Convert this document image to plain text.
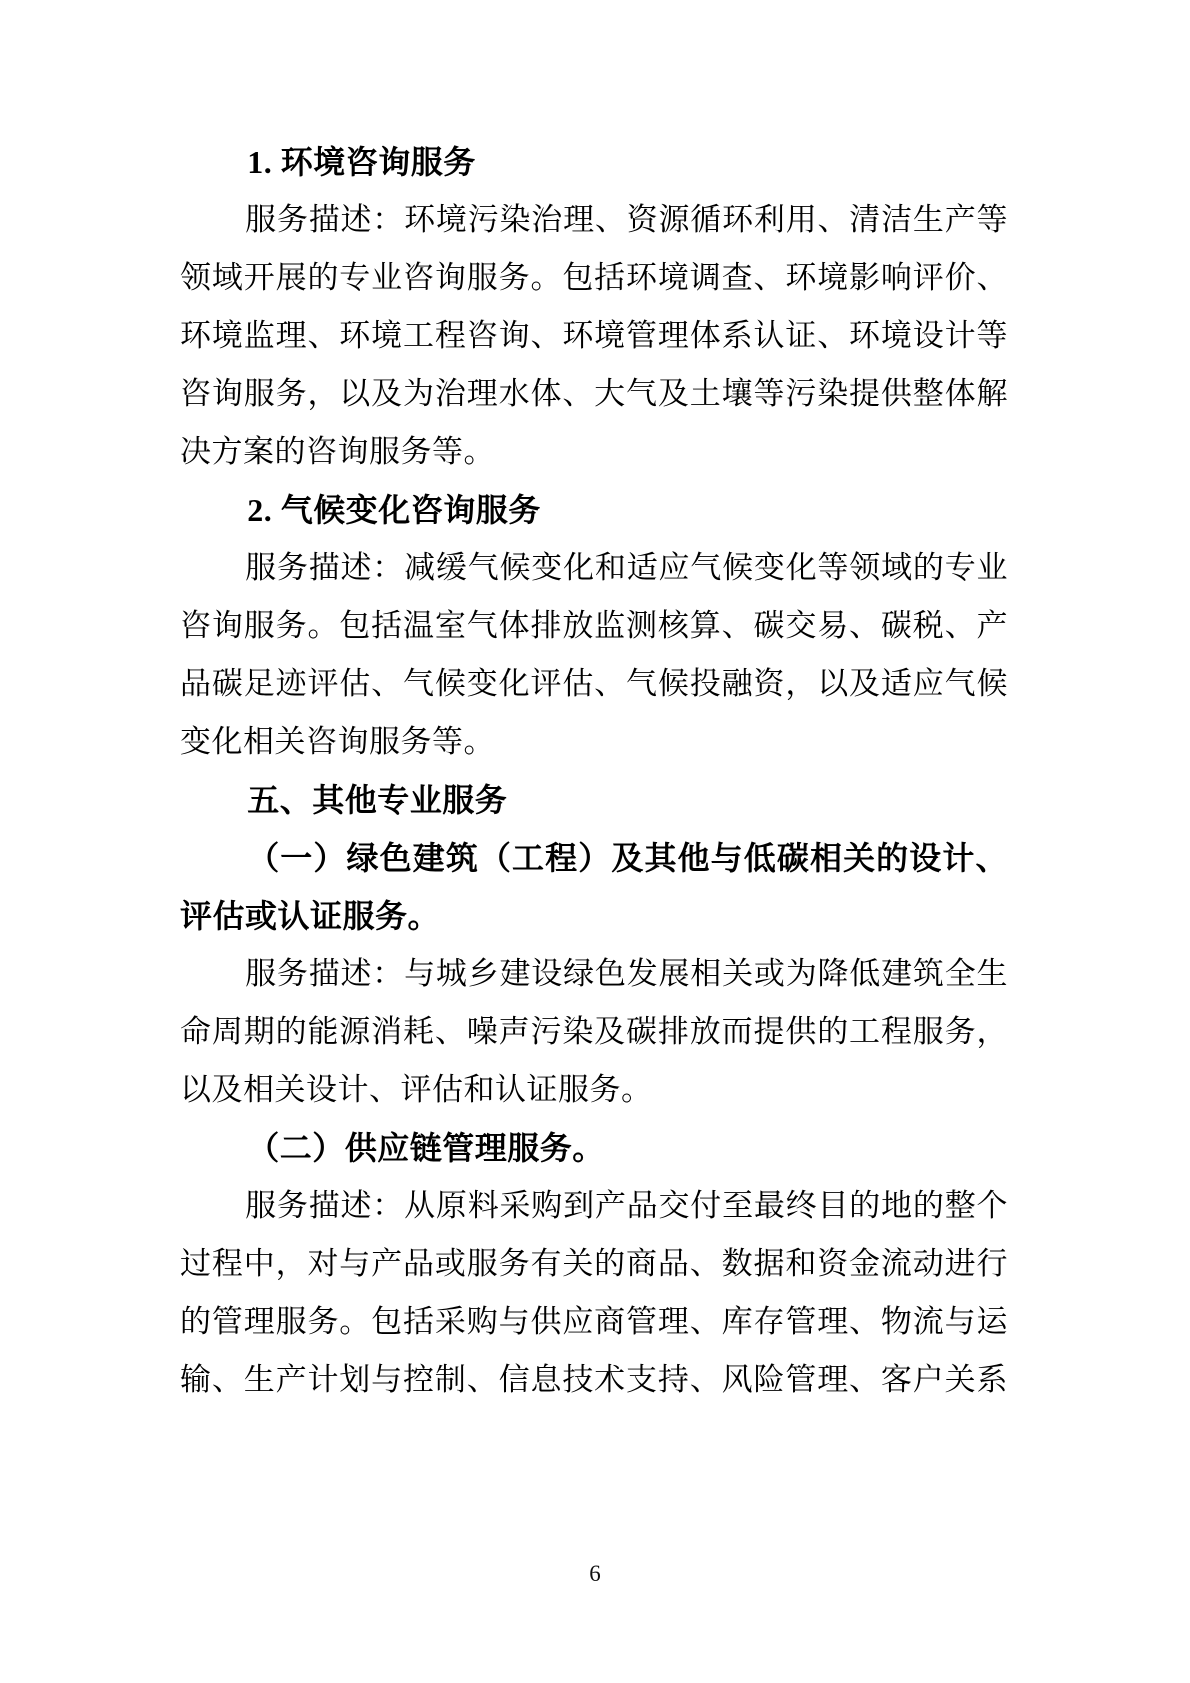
1. 环境咨询服务

服务描述：环境污染治理、资源循环利用、清洁生产等领域开展的专业咨询服务。包括环境调查、环境影响评价、环境监理、环境工程咨询、环境管理体系认证、环境设计等咨询服务，以及为治理水体、大气及土壤等污染提供整体解决方案的咨询服务等。

2. 气候变化咨询服务

服务描述：减缓气候变化和适应气候变化等领域的专业咨询服务。包括温室气体排放监测核算、碳交易、碳税、产品碳足迹评估、气候变化评估、气候投融资，以及适应气候变化相关咨询服务等。

五、其他专业服务

（一）绿色建筑（工程）及其他与低碳相关的设计、评估或认证服务。

服务描述：与城乡建设绿色发展相关或为降低建筑全生命周期的能源消耗、噪声污染及碳排放而提供的工程服务，以及相关设计、评估和认证服务。

（二）供应链管理服务。

服务描述：从原料采购到产品交付至最终目的地的整个过程中，对与产品或服务有关的商品、数据和资金流动进行的管理服务。包括采购与供应商管理、库存管理、物流与运输、生产计划与控制、信息技术支持、风险管理、客户关系

6
